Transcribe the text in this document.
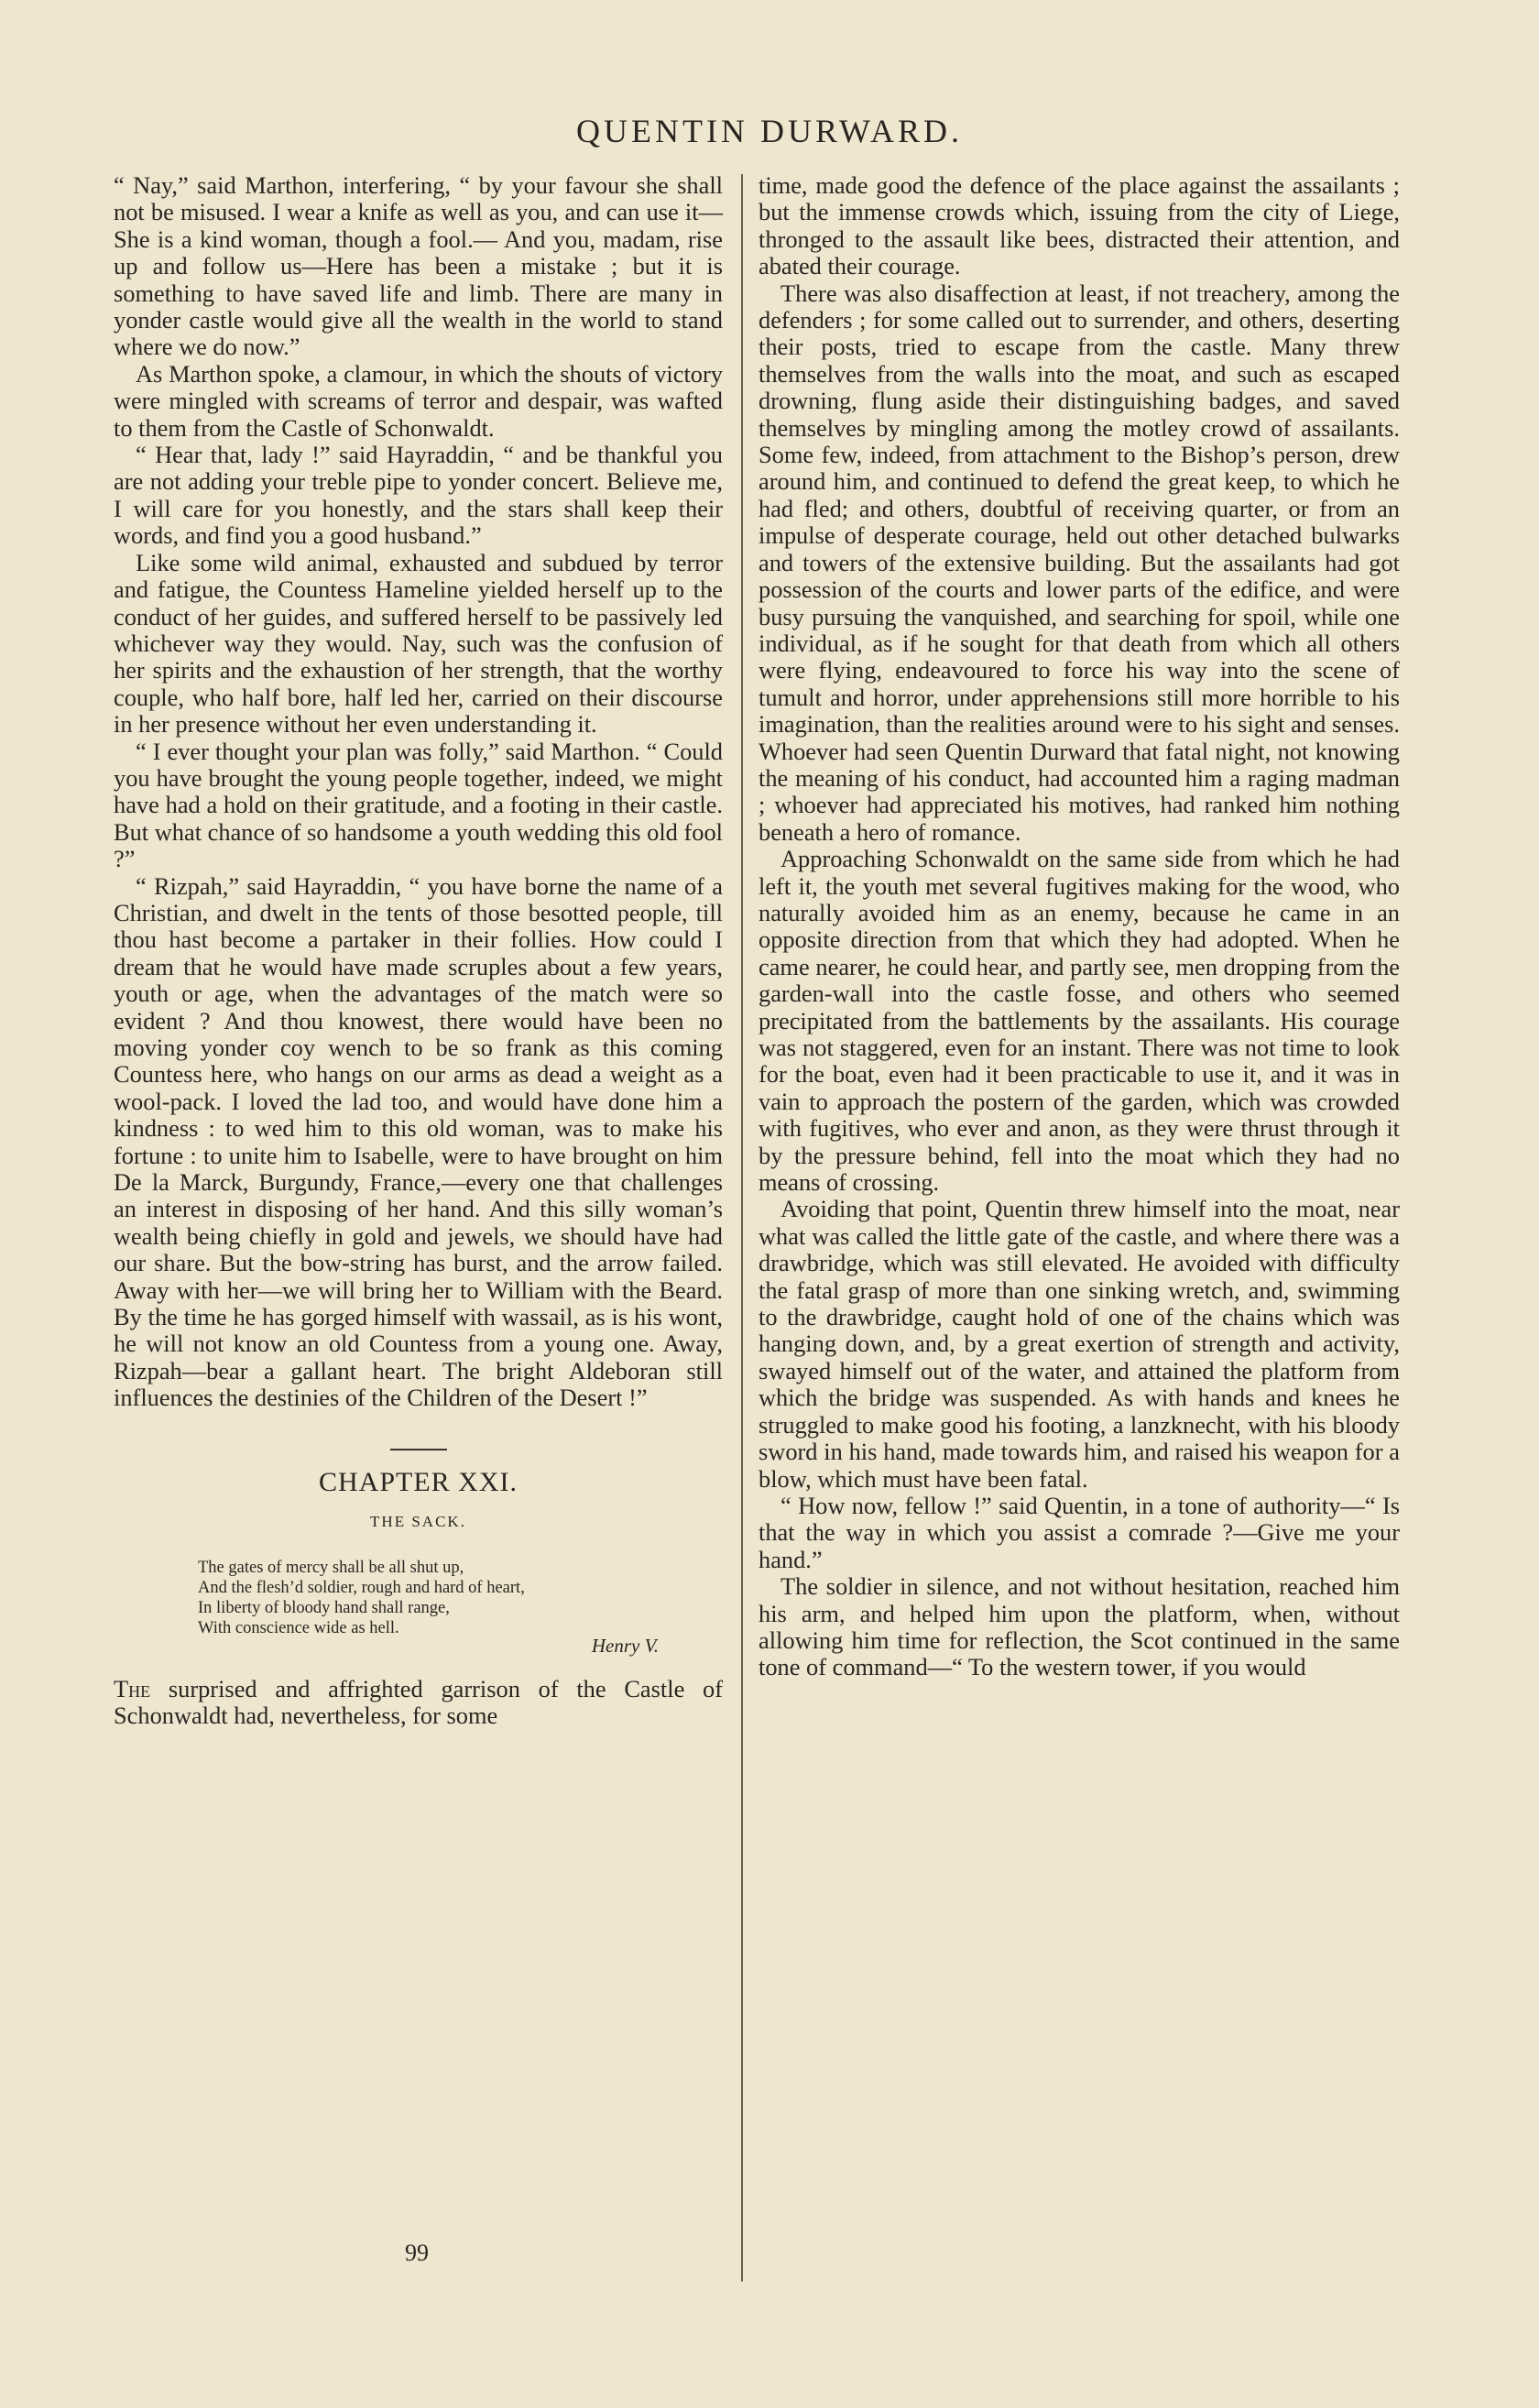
QUENTIN DURWARD.

“ Nay,” said Marthon, interfering, “ by your favour she shall not be misused. I wear a knife as well as you, and can use it—She is a kind woman, though a fool.— And you, madam, rise up and follow us—Here has been a mistake ; but it is something to have saved life and limb. There are many in yonder castle would give all the wealth in the world to stand where we do now.”

As Marthon spoke, a clamour, in which the shouts of victory were mingled with screams of terror and despair, was wafted to them from the Castle of Schonwaldt.

“ Hear that, lady !” said Hayraddin, “ and be thankful you are not adding your treble pipe to yonder concert. Believe me, I will care for you honestly, and the stars shall keep their words, and find you a good husband.”

Like some wild animal, exhausted and subdued by terror and fatigue, the Countess Hameline yielded herself up to the conduct of her guides, and suffered herself to be passively led whichever way they would. Nay, such was the confusion of her spirits and the exhaustion of her strength, that the worthy couple, who half bore, half led her, carried on their discourse in her presence without her even understanding it.

“ I ever thought your plan was folly,” said Marthon. “ Could you have brought the young people together, indeed, we might have had a hold on their gratitude, and a footing in their castle. But what chance of so handsome a youth wedding this old fool ?”

“ Rizpah,” said Hayraddin, “ you have borne the name of a Christian, and dwelt in the tents of those besotted people, till thou hast become a partaker in their follies. How could I dream that he would have made scruples about a few years, youth or age, when the advantages of the match were so evident ? And thou knowest, there would have been no moving yonder coy wench to be so frank as this coming Countess here, who hangs on our arms as dead a weight as a wool-pack. I loved the lad too, and would have done him a kindness : to wed him to this old woman, was to make his fortune : to unite him to Isabelle, were to have brought on him De la Marck, Burgundy, France,—every one that challenges an interest in disposing of her hand. And this silly woman’s wealth being chiefly in gold and jewels, we should have had our share. But the bow-string has burst, and the arrow failed. Away with her—we will bring her to William with the Beard. By the time he has gorged himself with wassail, as is his wont, he will not know an old Countess from a young one. Away, Rizpah—bear a gallant heart. The bright Aldeboran still influences the destinies of the Children of the Desert !”

CHAPTER XXI.
THE SACK.
The gates of mercy shall be all shut up,
And the flesh’d soldier, rough and hard of heart,
In liberty of bloody hand shall range,
With conscience wide as hell.
Henry V.

The surprised and affrighted garrison of the Castle of Schonwaldt had, nevertheless, for some

99

time, made good the defence of the place against the assailants ; but the immense crowds which, issuing from the city of Liege, thronged to the assault like bees, distracted their attention, and abated their courage.

There was also disaffection at least, if not treachery, among the defenders ; for some called out to surrender, and others, deserting their posts, tried to escape from the castle. Many threw themselves from the walls into the moat, and such as escaped drowning, flung aside their distinguishing badges, and saved themselves by mingling among the motley crowd of assailants. Some few, indeed, from attachment to the Bishop’s person, drew around him, and continued to defend the great keep, to which he had fled; and others, doubtful of receiving quarter, or from an impulse of desperate courage, held out other detached bulwarks and towers of the extensive building. But the assailants had got possession of the courts and lower parts of the edifice, and were busy pursuing the vanquished, and searching for spoil, while one individual, as if he sought for that death from which all others were flying, endeavoured to force his way into the scene of tumult and horror, under apprehensions still more horrible to his imagination, than the realities around were to his sight and senses. Whoever had seen Quentin Durward that fatal night, not knowing the meaning of his conduct, had accounted him a raging madman ; whoever had appreciated his motives, had ranked him nothing beneath a hero of romance.

Approaching Schonwaldt on the same side from which he had left it, the youth met several fugitives making for the wood, who naturally avoided him as an enemy, because he came in an opposite direction from that which they had adopted. When he came nearer, he could hear, and partly see, men dropping from the garden-wall into the castle fosse, and others who seemed precipitated from the battlements by the assailants. His courage was not staggered, even for an instant. There was not time to look for the boat, even had it been practicable to use it, and it was in vain to approach the postern of the garden, which was crowded with fugitives, who ever and anon, as they were thrust through it by the pressure behind, fell into the moat which they had no means of crossing.

Avoiding that point, Quentin threw himself into the moat, near what was called the little gate of the castle, and where there was a drawbridge, which was still elevated. He avoided with difficulty the fatal grasp of more than one sinking wretch, and, swimming to the drawbridge, caught hold of one of the chains which was hanging down, and, by a great exertion of strength and activity, swayed himself out of the water, and attained the platform from which the bridge was suspended. As with hands and knees he struggled to make good his footing, a lanzknecht, with his bloody sword in his hand, made towards him, and raised his weapon for a blow, which must have been fatal.

“ How now, fellow !” said Quentin, in a tone of authority—“ Is that the way in which you assist a comrade ?—Give me your hand.”

The soldier in silence, and not without hesitation, reached him his arm, and helped him upon the platform, when, without allowing him time for reflection, the Scot continued in the same tone of command—“ To the western tower, if you would
